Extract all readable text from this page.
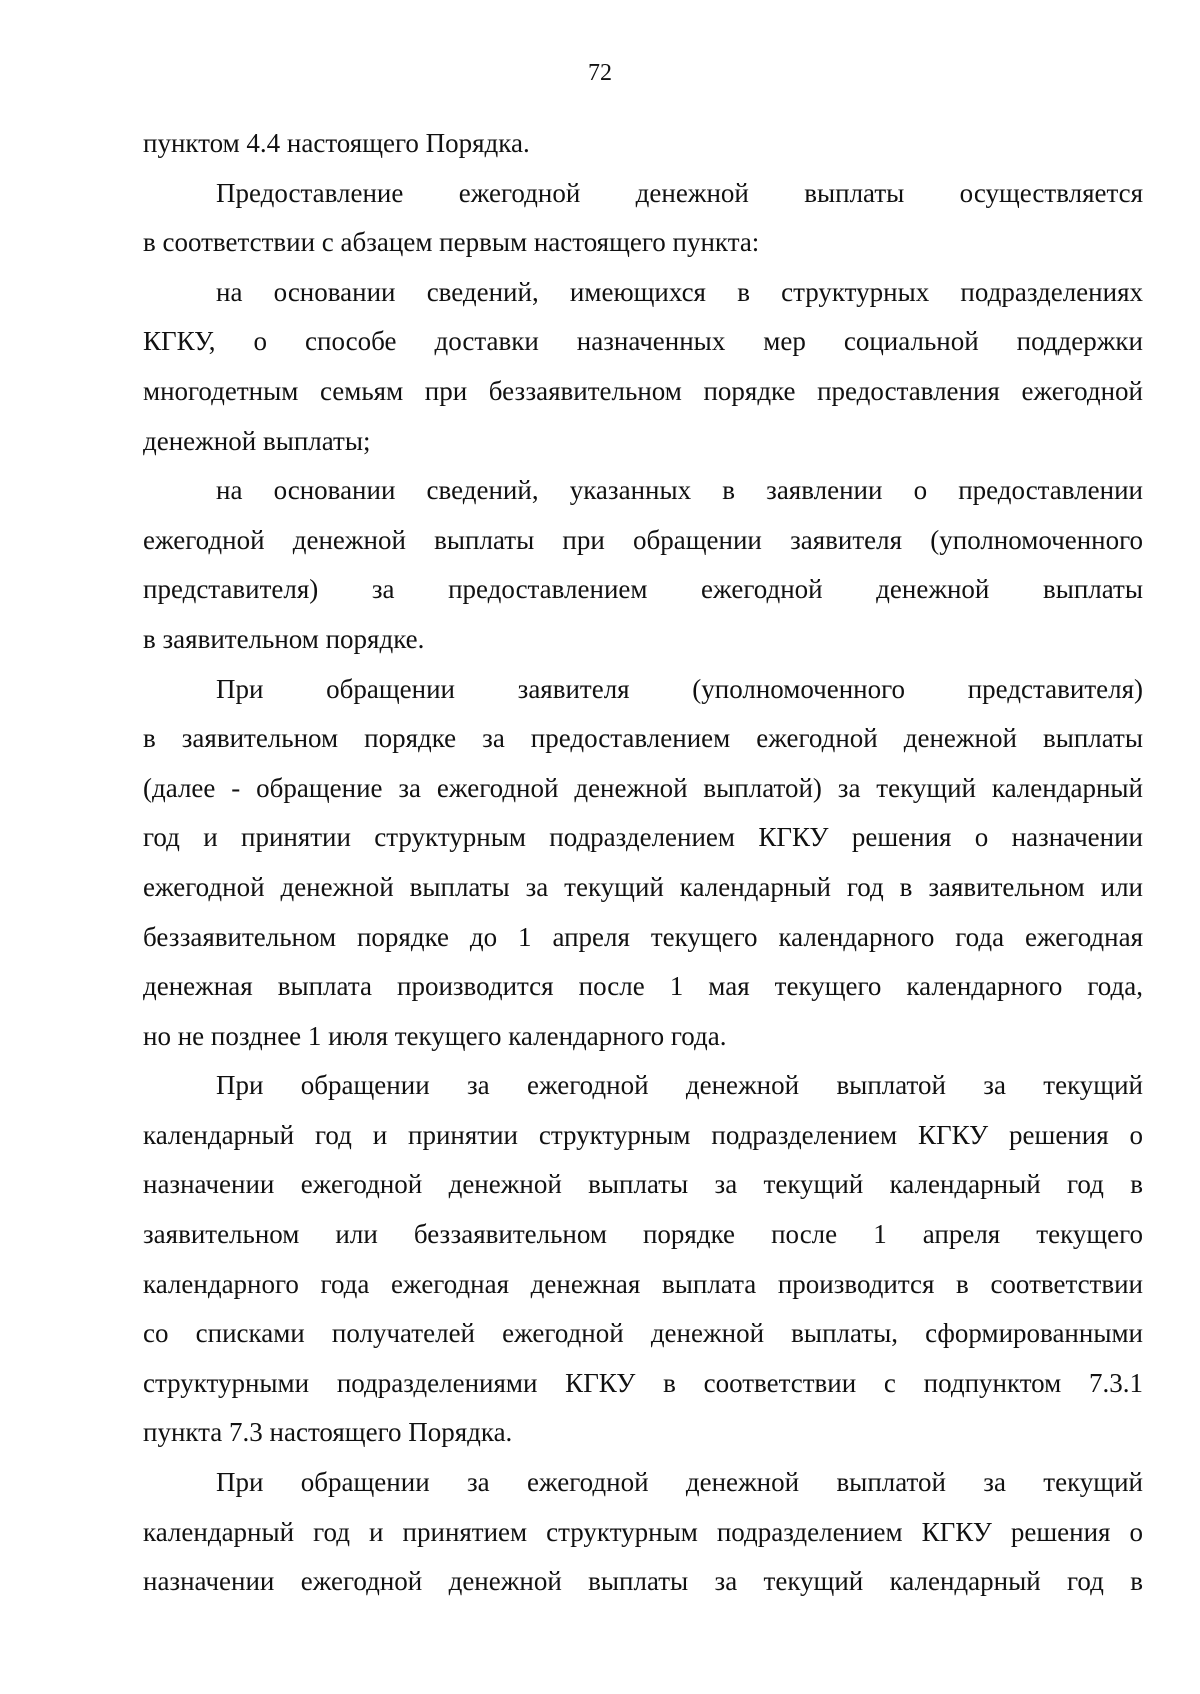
72
пунктом 4.4 настоящего Порядка.
Предоставление ежегодной денежной выплаты осуществляется
в соответствии с абзацем первым настоящего пункта:
на основании сведений, имеющихся в структурных подразделениях
КГКУ, о способе доставки назначенных мер социальной поддержки
многодетным семьям при беззаявительном порядке предоставления ежегодной
денежной выплаты;
на основании сведений, указанных в заявлении о предоставлении
ежегодной денежной выплаты при обращении заявителя (уполномоченного
представителя) за предоставлением ежегодной денежной выплаты
в заявительном порядке.
При обращении заявителя (уполномоченного представителя)
в заявительном порядке за предоставлением ежегодной денежной выплаты
(далее - обращение за ежегодной денежной выплатой) за текущий календарный
год и принятии структурным подразделением КГКУ решения о назначении
ежегодной денежной выплаты за текущий календарный год в заявительном или
беззаявительном порядке до 1 апреля текущего календарного года ежегодная
денежная выплата производится после 1 мая текущего календарного года,
но не позднее 1 июля текущего календарного года.
При обращении за ежегодной денежной выплатой за текущий
календарный год и принятии структурным подразделением КГКУ решения о
назначении ежегодной денежной выплаты за текущий календарный год в
заявительном или беззаявительном порядке после 1 апреля текущего
календарного года ежегодная денежная выплата производится в соответствии
со списками получателей ежегодной денежной выплаты, сформированными
структурными подразделениями КГКУ в соответствии с подпунктом 7.3.1
пункта 7.3 настоящего Порядка.
При обращении за ежегодной денежной выплатой за текущий
календарный год и принятием структурным подразделением КГКУ решения о
назначении ежегодной денежной выплаты за текущий календарный год в
